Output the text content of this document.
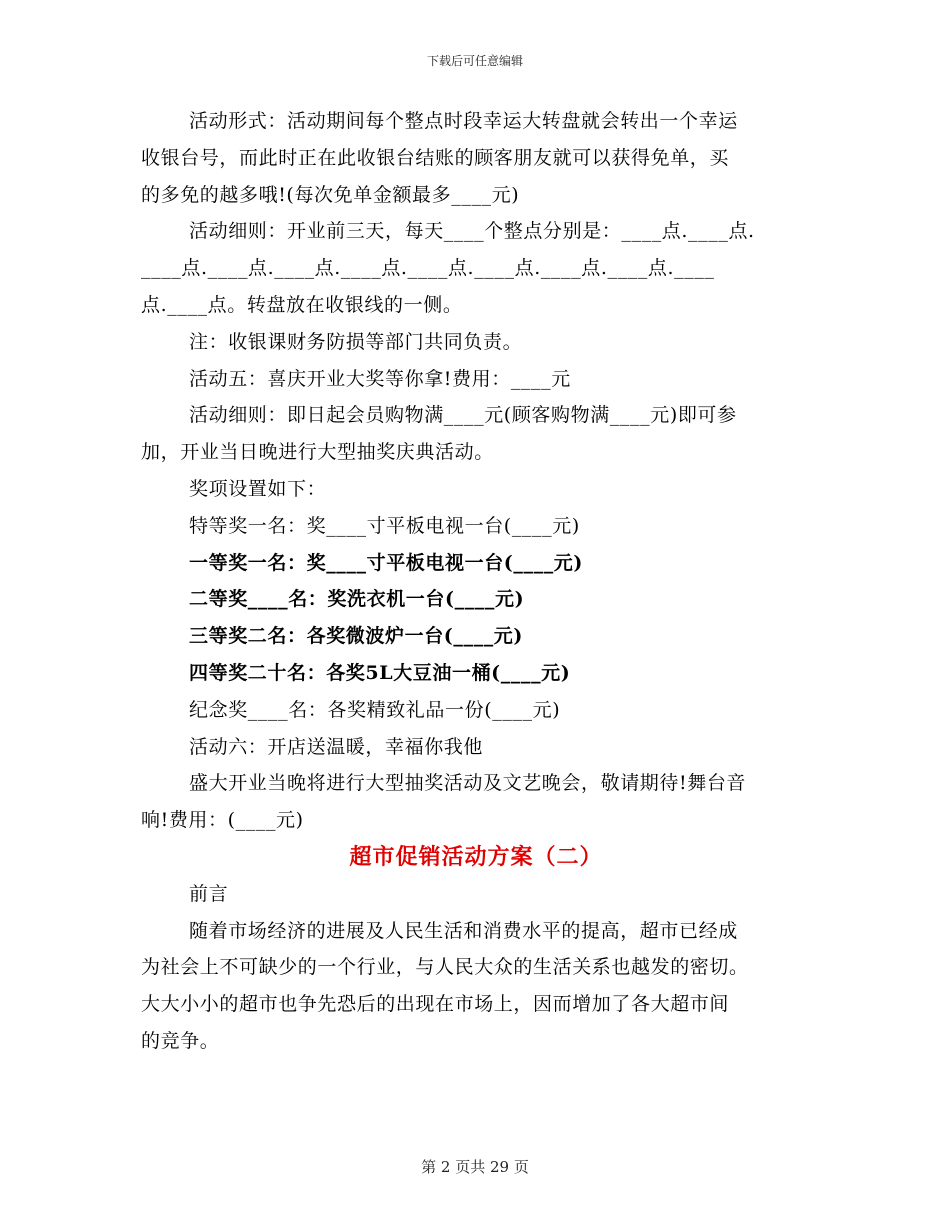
下载后可任意编辑

活动形式：活动期间每个整点时段幸运大转盘就会转出一个幸运

收银台号，而此时正在此收银台结账的顾客朋友就可以获得免单，买

的多免的越多哦!(每次免单金额最多____元)

活动细则：开业前三天，每天____个整点分别是：____点.____点.

____点.____点.____点.____点.____点.____点.____点.____点.____

点.____点。转盘放在收银线的一侧。

注：收银课财务防损等部门共同负责。

活动五：喜庆开业大奖等你拿!费用：____元

活动细则：即日起会员购物满____元(顾客购物满____元)即可参

加，开业当日晚进行大型抽奖庆典活动。

奖项设置如下：

特等奖一名：奖____寸平板电视一台(____元)

一等奖一名：奖____寸平板电视一台(____元)

二等奖____名：奖洗衣机一台(____元)

三等奖二名：各奖微波炉一台(____元)

四等奖二十名：各奖5L大豆油一桶(____元)

纪念奖____名：各奖精致礼品一份(____元)

活动六：开店送温暖，幸福你我他

盛大开业当晚将进行大型抽奖活动及文艺晚会，敬请期待!舞台音

响!费用：(____元)

超市促销活动方案（二）

前言

随着市场经济的进展及人民生活和消费水平的提高，超市已经成

为社会上不可缺少的一个行业，与人民大众的生活关系也越发的密切。

大大小小的超市也争先恐后的出现在市场上，因而增加了各大超市间

的竞争。

第 2 页共 29 页
